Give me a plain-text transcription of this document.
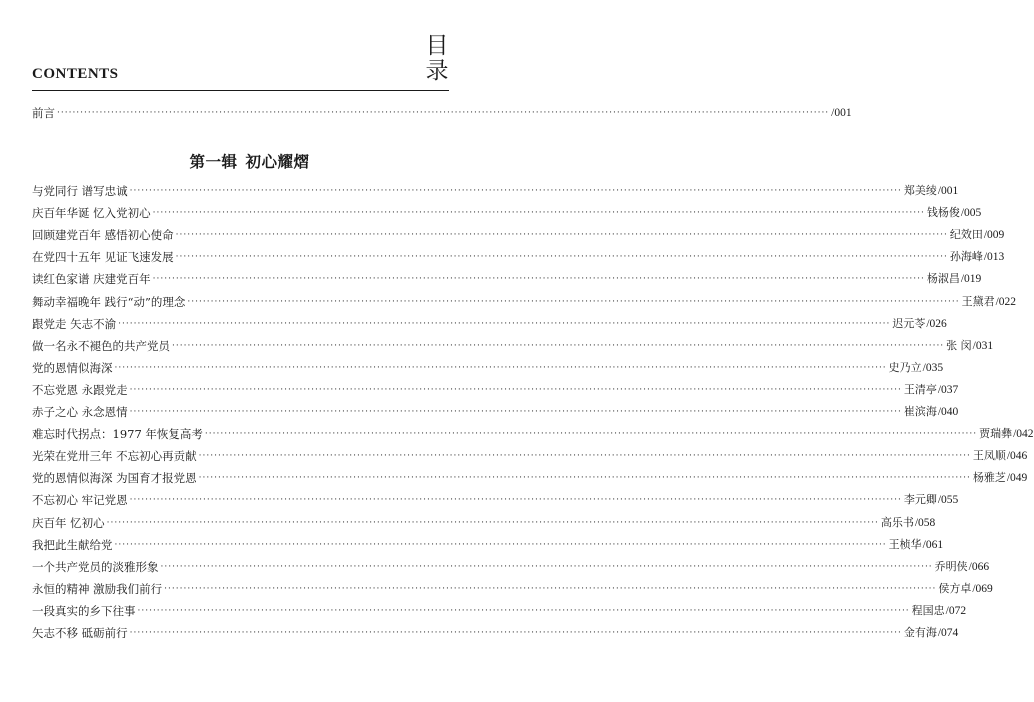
CONTENTS
目
录
前言 ········································································································································································································ /001
第一辑 初心耀熠
与党同行 谱写忠诚 ········································································································································································································ 郑美绫 /001
庆百年华诞 忆入党初心 ········································································································································································································ 钱杨俊 /005
回顾建党百年 感悟初心使命 ········································································································································································································ 纪效田 /009
在党四十五年 见证飞速发展 ········································································································································································································ 孙海峰 /013
读红色家谱 庆建党百年 ········································································································································································································ 杨淑昌 /019
舞动幸福晚年 践行“动”的理念 ········································································································································································································ 王黛君 /022
跟党走 矢志不渝 ········································································································································································································ 迟元苓 /026
做一名永不褪色的共产党员 ········································································································································································································ 张 闵 /031
党的恩情似海深 ········································································································································································································ 史乃立 /035
不忘党恩 永跟党走 ········································································································································································································ 王清亭 /037
赤子之心 永念恩情 ········································································································································································································ 崔滨海 /040
难忘时代拐点：1977 年恢复高考 ········································································································································································································ 贾瑞彝 /042
光荣在党卅三年 不忘初心再贡献 ········································································································································································································ 王凤顺 /046
党的恩情似海深 为国育才报党恩 ········································································································································································································ 杨雅芝 /049
不忘初心 牢记党恩 ········································································································································································································ 李元卿 /055
庆百年 忆初心 ········································································································································································································ 高乐书 /058
我把此生献给党 ········································································································································································································ 王桢华 /061
一个共产党员的淡雅形象 ········································································································································································································ 乔明侠 /066
永恒的精神 激励我们前行 ········································································································································································································ 侯方卓 /069
一段真实的乡下往事 ········································································································································································································ 程国忠 /072
矢志不移 砥砺前行 ········································································································································································································ 金有海 /074
